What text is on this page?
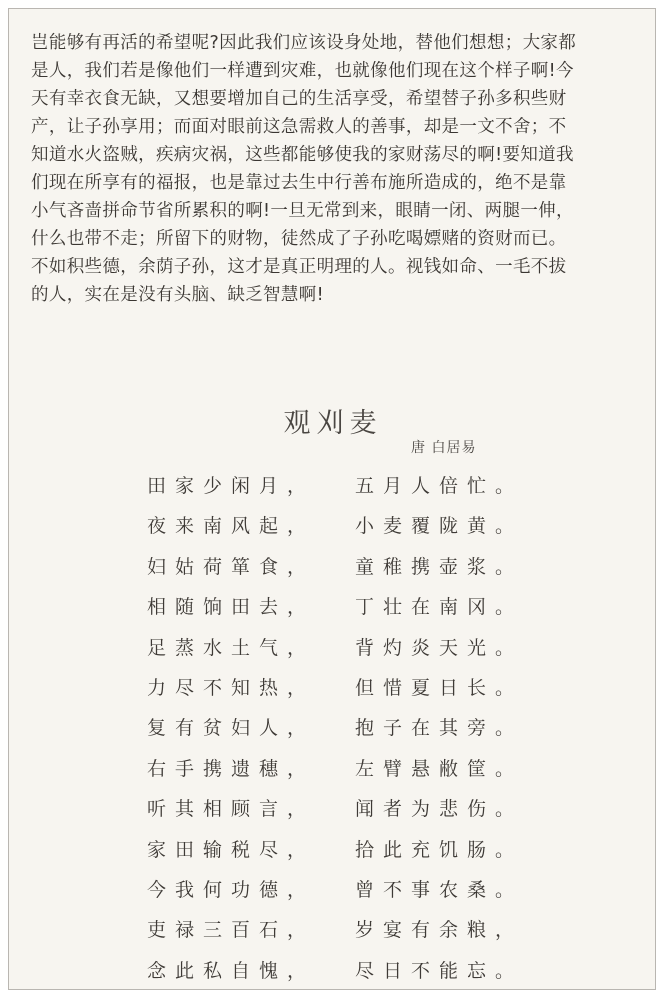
岂能够有再活的希望呢?因此我们应该设身处地，替他们想想；大家都
是人，我们若是像他们一样遭到灾难，也就像他们现在这个样子啊!今
天有幸衣食无缺，又想要增加自己的生活享受，希望替子孙多积些财
产，让子孙享用；而面对眼前这急需救人的善事，却是一文不舍；不
知道水火盗贼，疾病灾祸，这些都能够使我的家财荡尽的啊!要知道我
们现在所享有的福报，也是靠过去生中行善布施所造成的，绝不是靠
小气吝啬拼命节省所累积的啊!一旦无常到来，眼睛一闭、两腿一伸，
什么也带不走；所留下的财物，徒然成了子孙吃喝嫖赌的资财而已。
不如积些德，余荫子孙，这才是真正明理的人。视钱如命、一毛不拔
的人，实在是没有头脑、缺乏智慧啊!
观刈麦
唐 白居易
田家少闲月， 五月人倍忙。
夜来南风起， 小麦覆陇黄。
妇姑荷箪食， 童稚携壶浆。
相随饷田去， 丁壮在南冈。
足蒸水土气， 背灼炎天光。
力尽不知热， 但惜夏日长。
复有贫妇人， 抱子在其旁。
右手携遗穗， 左臂悬敝筐。
听其相顾言， 闻者为悲伤。
家田输税尽， 拾此充饥肠。
今我何功德， 曾不事农桑。
吏禄三百石， 岁宴有余粮，
念此私自愧， 尽日不能忘。
